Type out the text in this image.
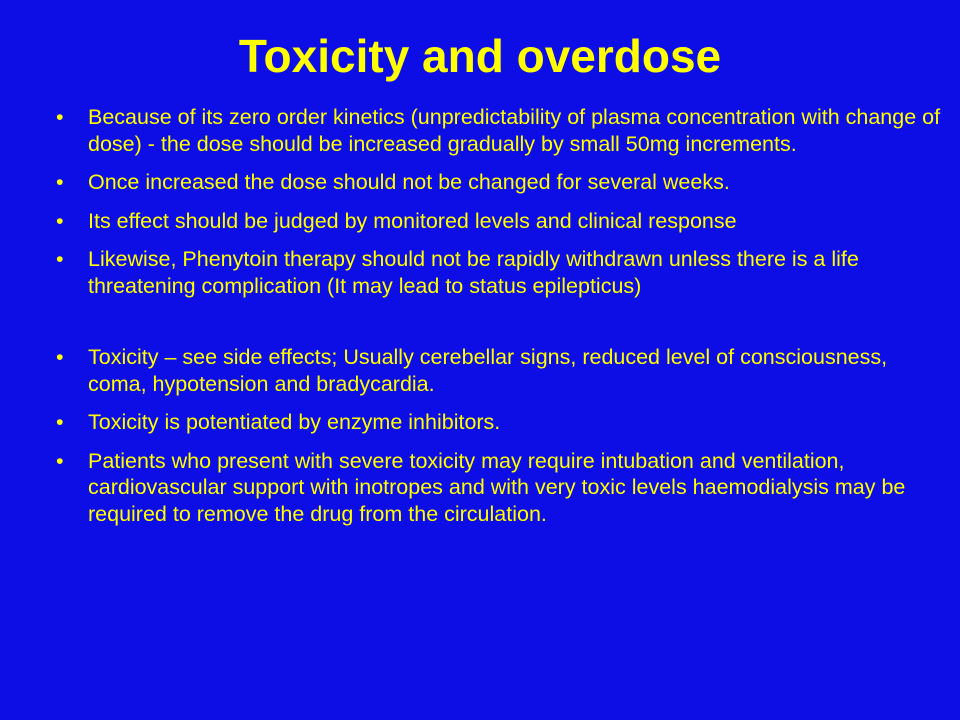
Toxicity and overdose
• Because of its zero order kinetics (unpredictability of plasma concentration with change of dose) - the dose should be increased gradually by small 50mg increments.
• Once increased the dose should not be changed for several weeks.
• Its effect should be judged by monitored levels and clinical response
• Likewise, Phenytoin therapy should not be rapidly withdrawn unless there is a life threatening complication (It may lead to status epilepticus)
• Toxicity – see side effects; Usually cerebellar signs, reduced level of consciousness, coma, hypotension and bradycardia.
• Toxicity is potentiated by enzyme inhibitors.
• Patients who present with severe toxicity may require intubation and ventilation, cardiovascular support with inotropes and with very toxic levels haemodialysis may be required to remove the drug from the circulation.
